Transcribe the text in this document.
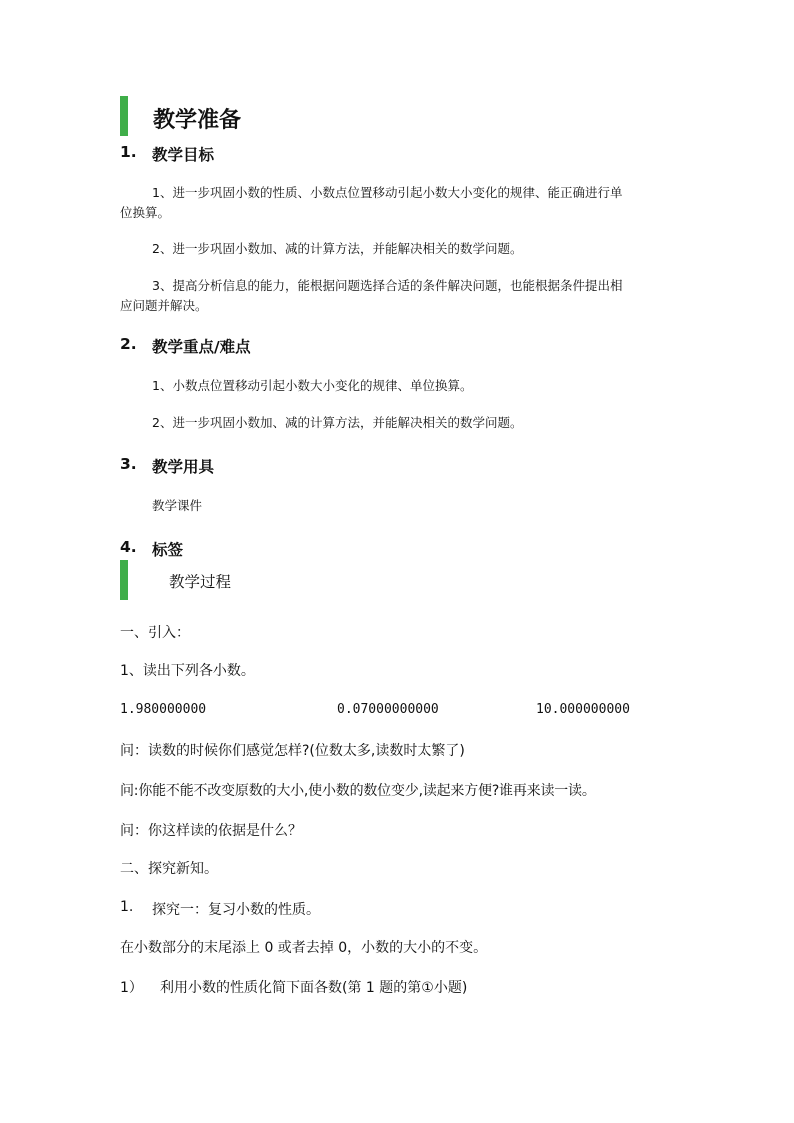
教学准备
1. 教学目标
1、进一步巩固小数的性质、小数点位置移动引起小数大小变化的规律、能正确进行单
位换算。
2、进一步巩固小数加、减的计算方法，并能解决相关的数学问题。
3、提高分析信息的能力，能根据问题选择合适的条件解决问题，也能根据条件提出相
应问题并解决。
2. 教学重点/难点
1、小数点位置移动引起小数大小变化的规律、单位换算。
2、进一步巩固小数加、减的计算方法，并能解决相关的数学问题。
3. 教学用具
教学课件
4. 标签
教学过程
一、引入：
1、读出下列各小数。
1.980000000	0.07000000000	10.000000000
问：读数的时候你们感觉怎样?(位数太多,读数时太繁了)
问:你能不能不改变原数的大小,使小数的数位变少,读起来方便?谁再来读一读。
问：你这样读的依据是什么？
二、探究新知。
1. 探究一：复习小数的性质。
在小数部分的末尾添上 0 或者去掉 0，小数的大小的不变。
1） 利用小数的性质化简下面各数(第 1 题的第①小题)
